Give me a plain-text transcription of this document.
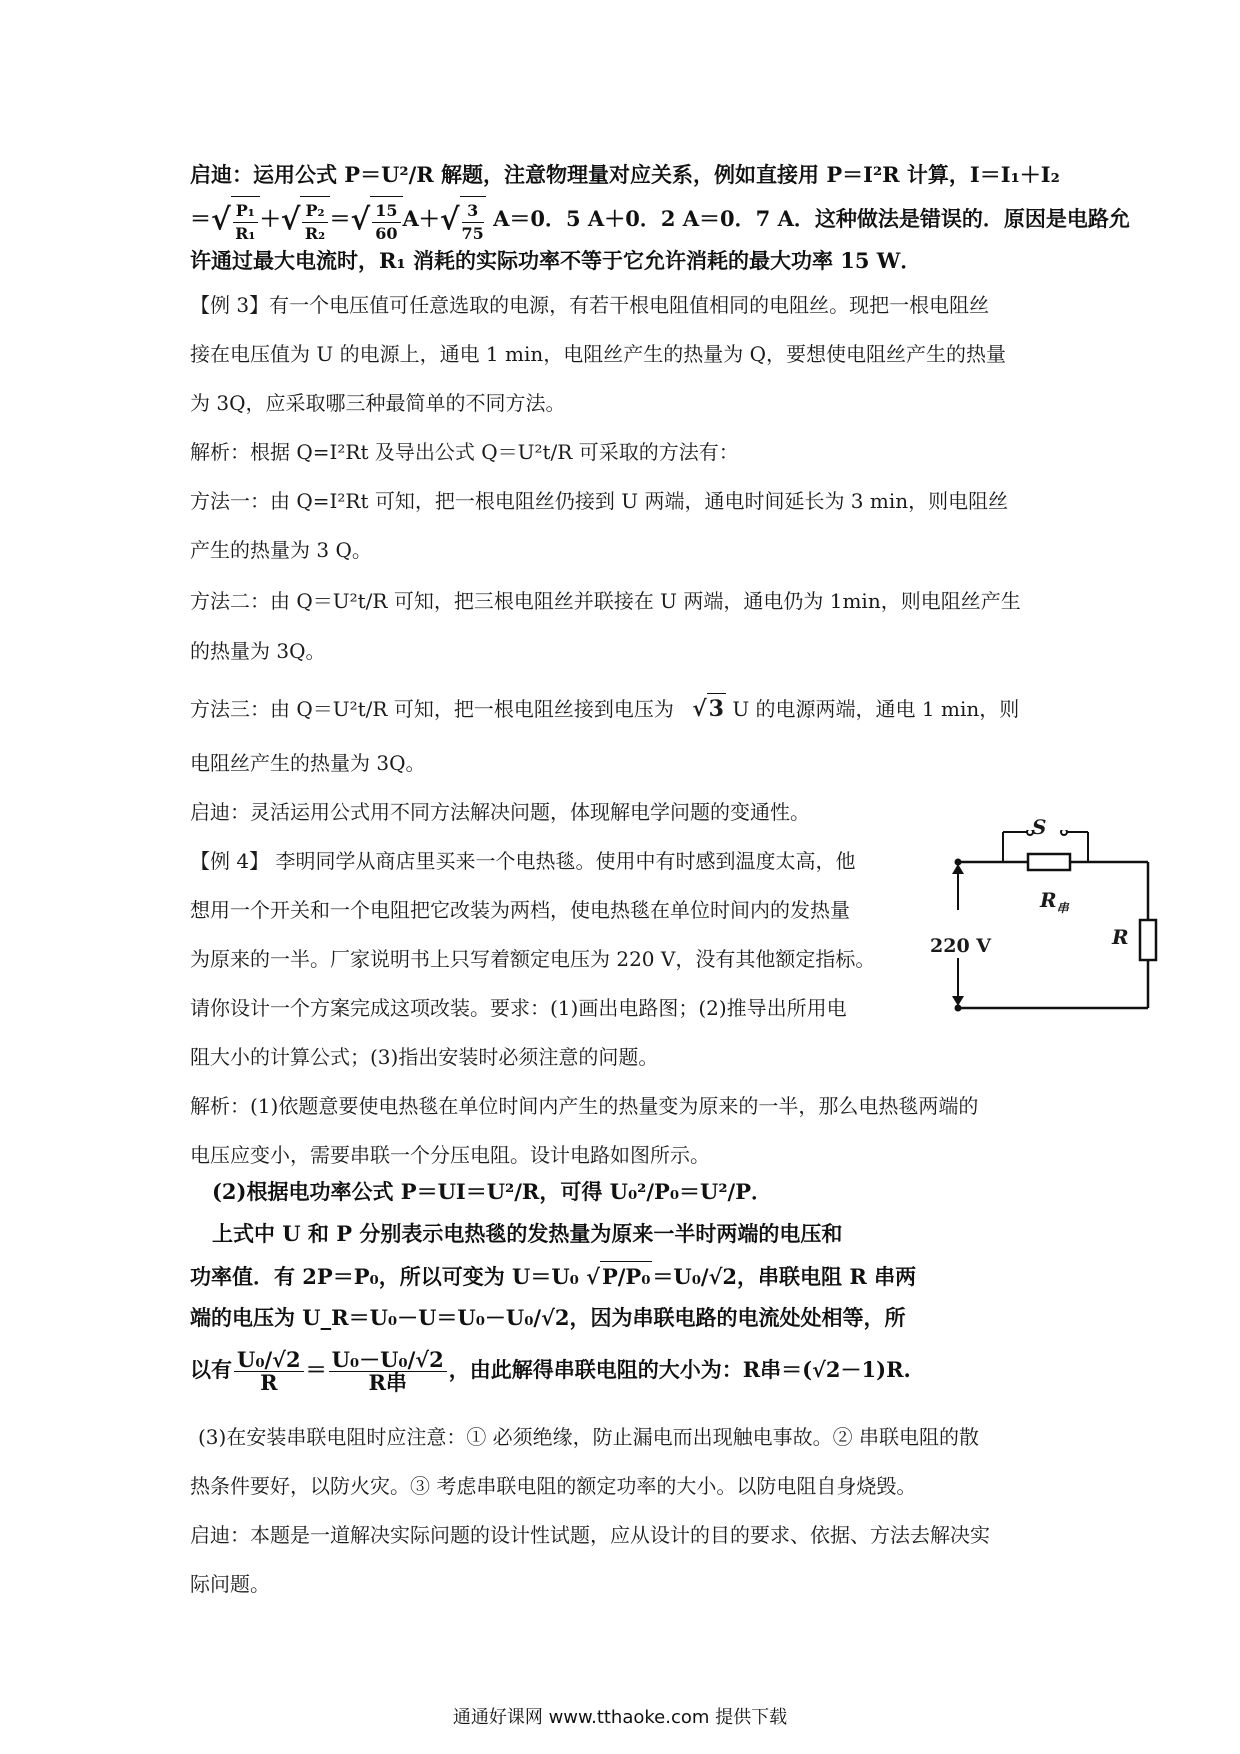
启迪：运用公式 P＝U²/R 解题，注意物理量对应关系，例如直接用 P＝I²R 计算，I＝I₁＋I₂
＝√ $\frac{\text{P₁}}{\text{R₁}}$ ＋√ $\frac{\text{P₂}}{\text{R₂}}$ ＝√ $\frac{15}{60} A+√ \frac{3}{75} A=0$．5 A＋0．2 A＝0．7 A．这种做法是错误的．原因是电路允
许通过最大电流时，R₁ 消耗的实际功率不等于它允许消耗的最大功率 15 W．
【例 3】有一个电压值可任意选取的电源，有若干根电阻值相同的电阻丝。现把一根电阻丝
接在电压值为 U 的电源上，通电 1 min，电阻丝产生的热量为 Q，要想使电阻丝产生的热量
为 3Q，应采取哪三种最简单的不同方法。
解析：根据 Q=I²Rt 及导出公式 Q＝U²t/R 可采取的方法有：
方法一：由 Q=I²Rt 可知，把一根电阻丝仍接到 U 两端，通电时间延长为 3 min，则电阻丝
产生的热量为 3 Q。
方法二：由 Q＝U²t/R 可知，把三根电阻丝并联接在 U 两端，通电仍为 1min，则电阻丝产生
的热量为 3Q。
方法三：由 Q＝U²t/R 可知，把一根电阻丝接到电压为 √3 U 的电源两端，通电 1 min，则
电阻丝产生的热量为 3Q。
启迪：灵活运用公式用不同方法解决问题，体现解电学问题的变通性。
【例 4】 李明同学从商店里买来一个电热毯。使用中有时感到温度太高，他
想用一个开关和一个电阻把它改装为两档，使电热毯在单位时间内的发热量
为原来的一半。厂家说明书上只写着额定电压为 220 V，没有其他额定指标。
请你设计一个方案完成这项改装。要求：(1)画出电路图；(2)推导出所用电
阻大小的计算公式；(3)指出安装时必须注意的问题。
解析：(1)依题意要使电热毯在单位时间内产生的热量变为原来的一半，那么电热毯两端的
电压应变小，需要串联一个分压电阻。设计电路如图所示。
S
$R_串$
R
220 V
(2)根据电功率公式 P＝UI＝U²/R，可得 U₀²/P₀＝U²/P．
上式中 U 和 P 分别表示电热毯的发热量为原来一半时两端的电压和
功率值．有 2P＝P₀，所以可变为 U＝U₀ √P/P₀＝U₀/√2，串联电阻 R 串两
端的电压为 U_R＝U₀－U＝U₀－U₀/√2，因为串联电路的电流处处相等，所
以有 $\frac{\text{U₀/√2}}{R} = \frac{\text{U₀－U₀/√2}}{\text{R串}}$ ，由此解得串联电阻的大小为：R串＝(√2－1)R.
(3)在安装串联电阻时应注意：① 必须绝缘，防止漏电而出现触电事故。② 串联电阻的散
热条件要好，以防火灾。③ 考虑串联电阻的额定功率的大小。以防电阻自身烧毁。
启迪：本题是一道解决实际问题的设计性试题，应从设计的目的要求、依据、方法去解决实
际问题。
通通好课网 www.tthaoke.com 提供下载
